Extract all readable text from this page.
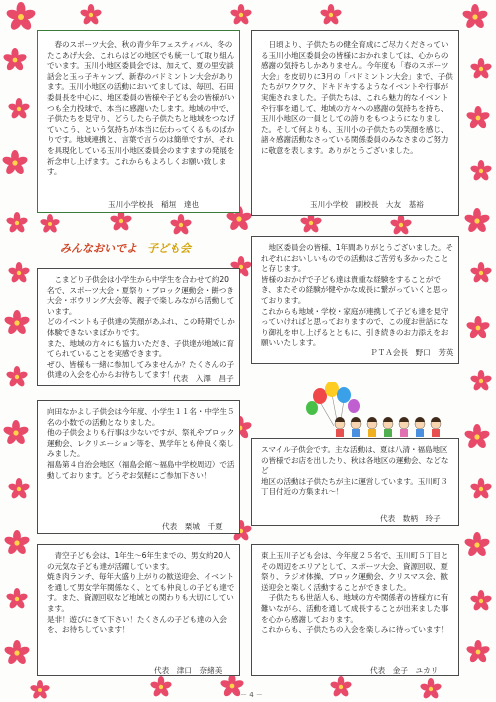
　春のスポーツ大会、秋の青少年フェスティバル、冬のたこあげ大会、これらはどの地区でも統一して取り組んでいます。玉川小地区委員会では、加えて、夏の里安談話会と玉っ子キャンプ、新春のバドミントン大会があります。玉川小地区の活動においてましては、毎回、石田委員長を中心に、地区委員の皆様や子ども会の皆様がいつも全力投球で、本当に感謝いたします。地域の中で、子供たちを見守り、どうしたら子供たちと地域をつなげていこう、という気持ちが本当に伝わってくるものばかりです。地域連携と、言葉で言うのは簡単ですが、それを具現化している玉川小地区委員会のますますの発展を祈念申し上げます。これからもよろしくお願い致します。

玉川小学校長　稲垣　達也

　日頃より、子供たちの健全育成にご尽力くださっている玉川小地区委員会の皆様におかれましては、心からの感謝の気持ちしかありません。今年度も「春のスポーツ大会」を皮切りに3月の「バドミントン大会」まで、子供たちがワクワク、ドキドキするようなイベントや行事が実施されました。子供たちは、これら魅力的なイベントや行事を通して、地域の方々への感謝の気持ちを持ち、玉川小地区の一員としての誇りをもつようになりました。そして何よりも、玉川小の子供たちの笑顔を感じ、諸々感謝活動なさっている関係委員のみなさまのご努力に敬意を表します。ありがとうございました。

玉川小学校　副校長　大友　基裕
みんなおいでよ 子ども会

　こまどり子供会は小学生から中学生を合わせて約20名で、スポーツ大会・夏祭り・ブロック運動会・餅つき大会・ボウリング大会等、親子で楽しみながら活動しています。
どのイベントも子供達の笑顔があふれ、この時期でしか体験できないまばかりです。
また、地域の方々にも協力いただき、子供達が地域に育てられていることを実感できます。
ぜひ、皆様も一緒に参加してみませんか？たくさんの子供達の入会を心からお待ちしてます！

代表　入澤　昌子

　地区委員会の皆様、1年間ありがとうございました。それぞれにおいしいものでの活動はご苦労も多かったことと存じます。
皆様のおかげで子ども達は貴重な経験をすることができ、またその経験が健やかな成長に繋がっていくと思っております。
これからも地域・学校・家庭が連携して子ども達を見守っていければと思っておりますので、この度お世話になり御礼を申し上げるとともに、引き続きのお力添えをお願いいたします。

ＰＴＡ会長　野口　芳英

向田なかよし子供会は今年度、小学生１１名・中学生５名の小数での活動となりました。
他の子供会よりも行事は少ないですが、祭礼やブロック運動会、レクリエーション等を、異学年とも仲良く楽しみました。
福島第４自治会地区（福島会館〜福島中学校周辺）で活動しております。どうぞお気軽にご参加下さい！

代表　栗城　千夏

スマイル子供会です。主な活動は、夏は八清・福島地区の皆様でお店を出したり、秋は各地区の運動会、などなど
地区の活動は子供たちが主に運営しています。玉川町３丁目付近の方集まれ～！

代表　数柄　玲子

　青空子ども会は、1年生～6年生までの、男女約20人の元気な子ども達が活躍しています。
焼き肉ランチ、毎年大盛り上がりの歓送迎会、イベントを通して男女学年関係なく、とても仲良しの子ども達です。また、資源回収など地域との関わりも大切にしています。
是非！遊びにきて下さい！たくさんの子ども達の入会を、お待ちしています！

代表　津口　奈緒美

東上玉川子ども会は、今年度２５名で、玉川町５丁目とその周辺をエリアとして、スポーツ大会、資源回収、夏祭り、ラジオ体操、ブロック運動会、クリスマス会、歓送迎会と楽しく活動することができました。
　子供たちも世話人も、地域の方や関係者の皆様方に有難いながら、活動を通して成長することが出来ました事を心から感謝しております。
これからも、子供たちの入会を楽しみに待っています！

代表　金子　ユカリ
－ 4 －
